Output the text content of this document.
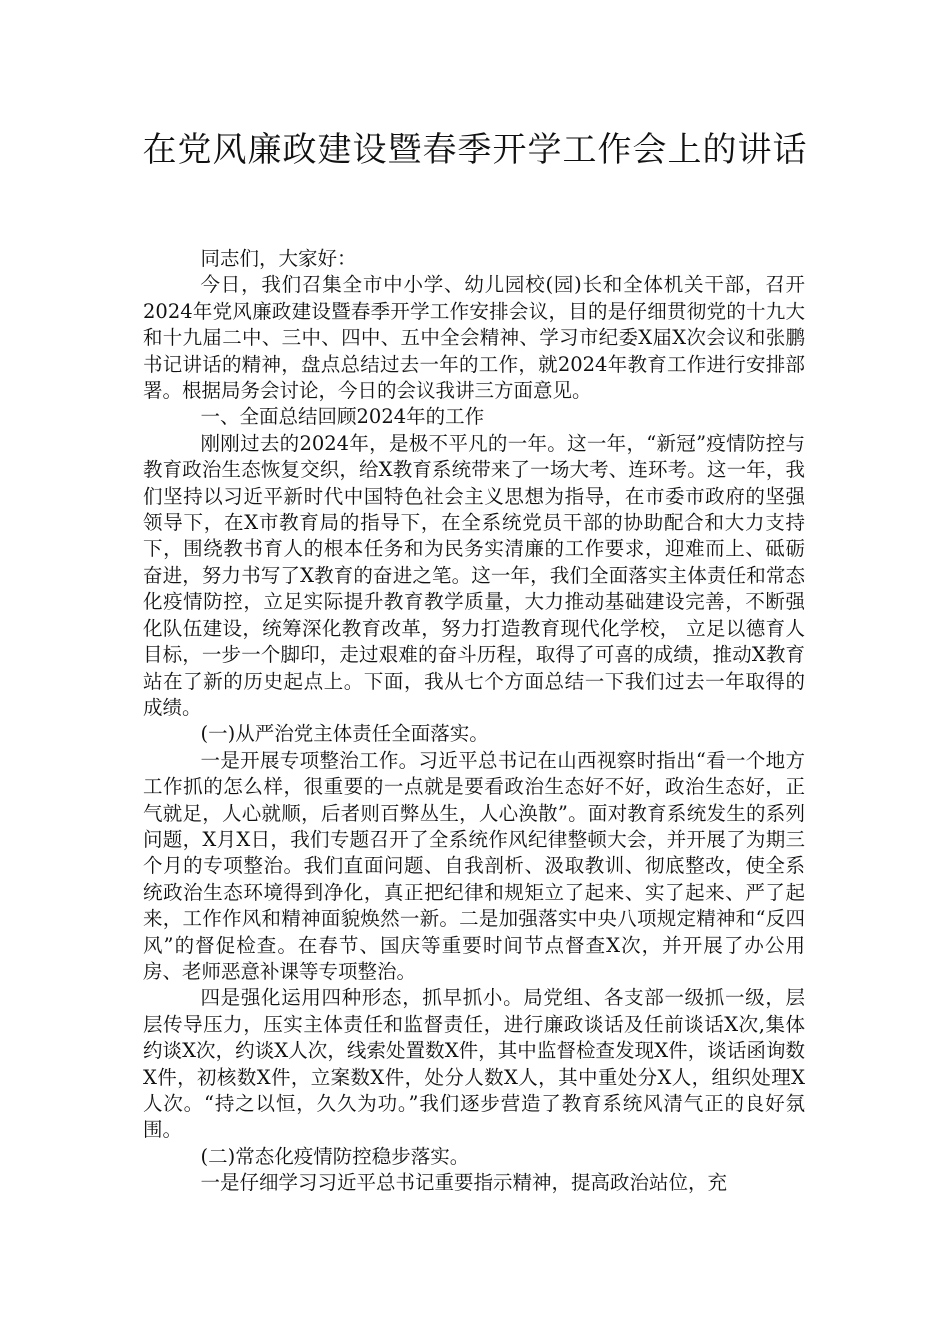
在党风廉政建设暨春季开学工作会上的讲话

同志们，大家好：

今日，我们召集全市中小学、幼儿园校(园)长和全体机关干部，召开2024年党风廉政建设暨春季开学工作安排会议，目的是仔细贯彻党的十九大和十九届二中、三中、四中、五中全会精神、学习市纪委X届X次会议和张鹏书记讲话的精神，盘点总结过去一年的工作，就2024年教育工作进行安排部署。根据局务会讨论，今日的会议我讲三方面意见。

一、全面总结回顾2024年的工作

刚刚过去的2024年，是极不平凡的一年。这一年，“新冠”疫情防控与教育政治生态恢复交织，给X教育系统带来了一场大考、连环考。这一年，我们坚持以习近平新时代中国特色社会主义思想为指导，在市委市政府的坚强领导下，在X市教育局的指导下，在全系统党员干部的协助配合和大力支持下，围绕教书育人的根本任务和为民务实清廉的工作要求，迎难而上、砥砺奋进，努力书写了X教育的奋进之笔。这一年，我们全面落实主体责任和常态化疫情防控，立足实际提升教育教学质量，大力推动基础建设完善，不断强化队伍建设，统筹深化教育改革，努力打造教育现代化学校， 立足以德育人目标，一步一个脚印，走过艰难的奋斗历程，取得了可喜的成绩，推动X教育站在了新的历史起点上。下面，我从七个方面总结一下我们过去一年取得的成绩。

(一)从严治党主体责任全面落实。

一是开展专项整治工作。习近平总书记在山西视察时指出“看一个地方工作抓的怎么样，很重要的一点就是要看政治生态好不好，政治生态好，正气就足，人心就顺，后者则百弊丛生，人心涣散”。面对教育系统发生的系列问题，X月X日，我们专题召开了全系统作风纪律整顿大会，并开展了为期三个月的专项整治。我们直面问题、自我剖析、汲取教训、彻底整改，使全系统政治生态环境得到净化，真正把纪律和规矩立了起来、实了起来、严了起来，工作作风和精神面貌焕然一新。二是加强落实中央八项规定精神和“反四风”的督促检查。在春节、国庆等重要时间节点督查X次，并开展了办公用房、老师恶意补课等专项整治。

四是强化运用四种形态，抓早抓小。局党组、各支部一级抓一级，层层传导压力，压实主体责任和监督责任，进行廉政谈话及任前谈话X次,集体约谈X次，约谈X人次，线索处置数X件，其中监督检查发现X件，谈话函询数X件，初核数X件，立案数X件，处分人数X人，其中重处分X人，组织处理X人次。“持之以恒，久久为功。”我们逐步营造了教育系统风清气正的良好氛围。

(二)常态化疫情防控稳步落实。

一是仔细学习习近平总书记重要指示精神，提高政治站位，充
